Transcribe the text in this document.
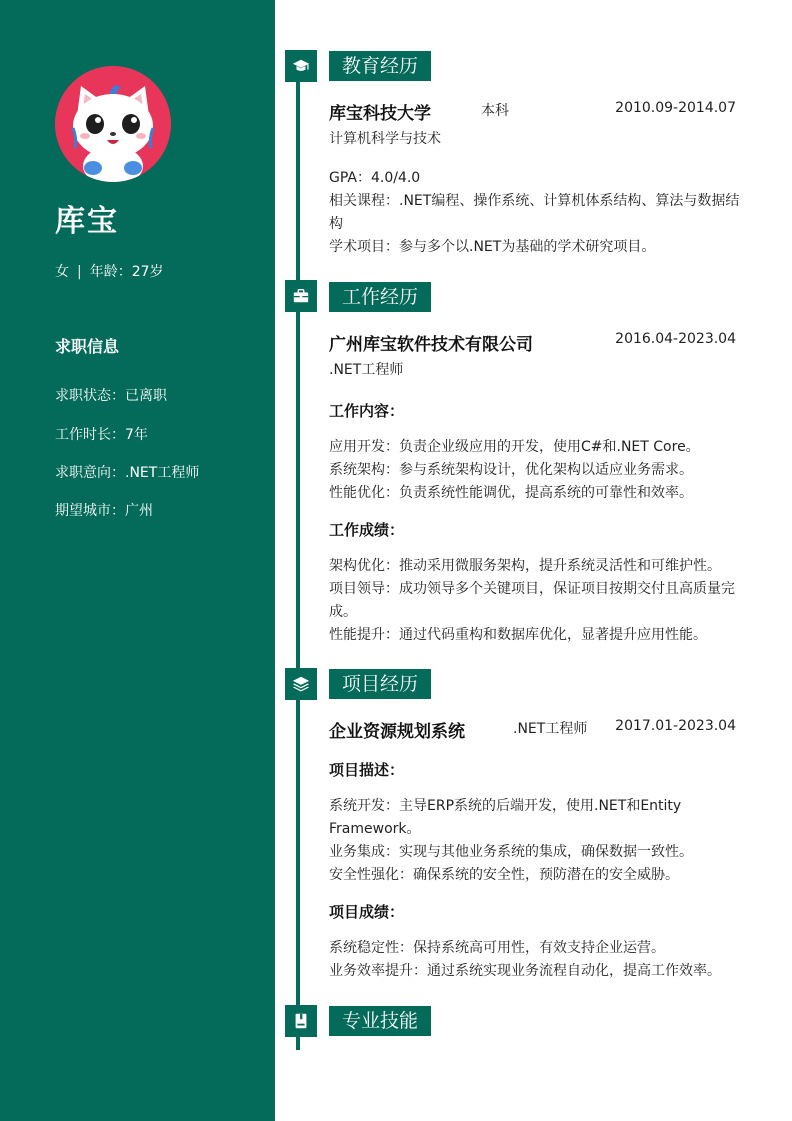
库宝
女 | 年龄：27岁
求职信息
求职状态：已离职
工作时长：7年
求职意向：.NET工程师
期望城市：广州
教育经历
库宝科技大学	本科	2010.09-2014.07
计算机科学与技术
GPA：4.0/4.0
相关课程：.NET编程、操作系统、计算机体系结构、算法与数据结
构
学术项目：参与多个以.NET为基础的学术研究项目。
工作经历
广州库宝软件技术有限公司	2016.04-2023.04
.NET工程师
工作内容：
应用开发：负责企业级应用的开发，使用C#和.NET Core。
系统架构：参与系统架构设计，优化架构以适应业务需求。
性能优化：负责系统性能调优，提高系统的可靠性和效率。
工作成绩：
架构优化：推动采用微服务架构，提升系统灵活性和可维护性。
项目领导：成功领导多个关键项目，保证项目按期交付且高质量完
成。
性能提升：通过代码重构和数据库优化，显著提升应用性能。
项目经历
企业资源规划系统	.NET工程师 2017.01-2023.04
项目描述：
系统开发：主导ERP系统的后端开发，使用.NET和Entity
Framework。
业务集成：实现与其他业务系统的集成，确保数据一致性。
安全性强化：确保系统的安全性，预防潜在的安全威胁。
项目成绩：
系统稳定性：保持系统高可用性，有效支持企业运营。
业务效率提升：通过系统实现业务流程自动化，提高工作效率。
专业技能
